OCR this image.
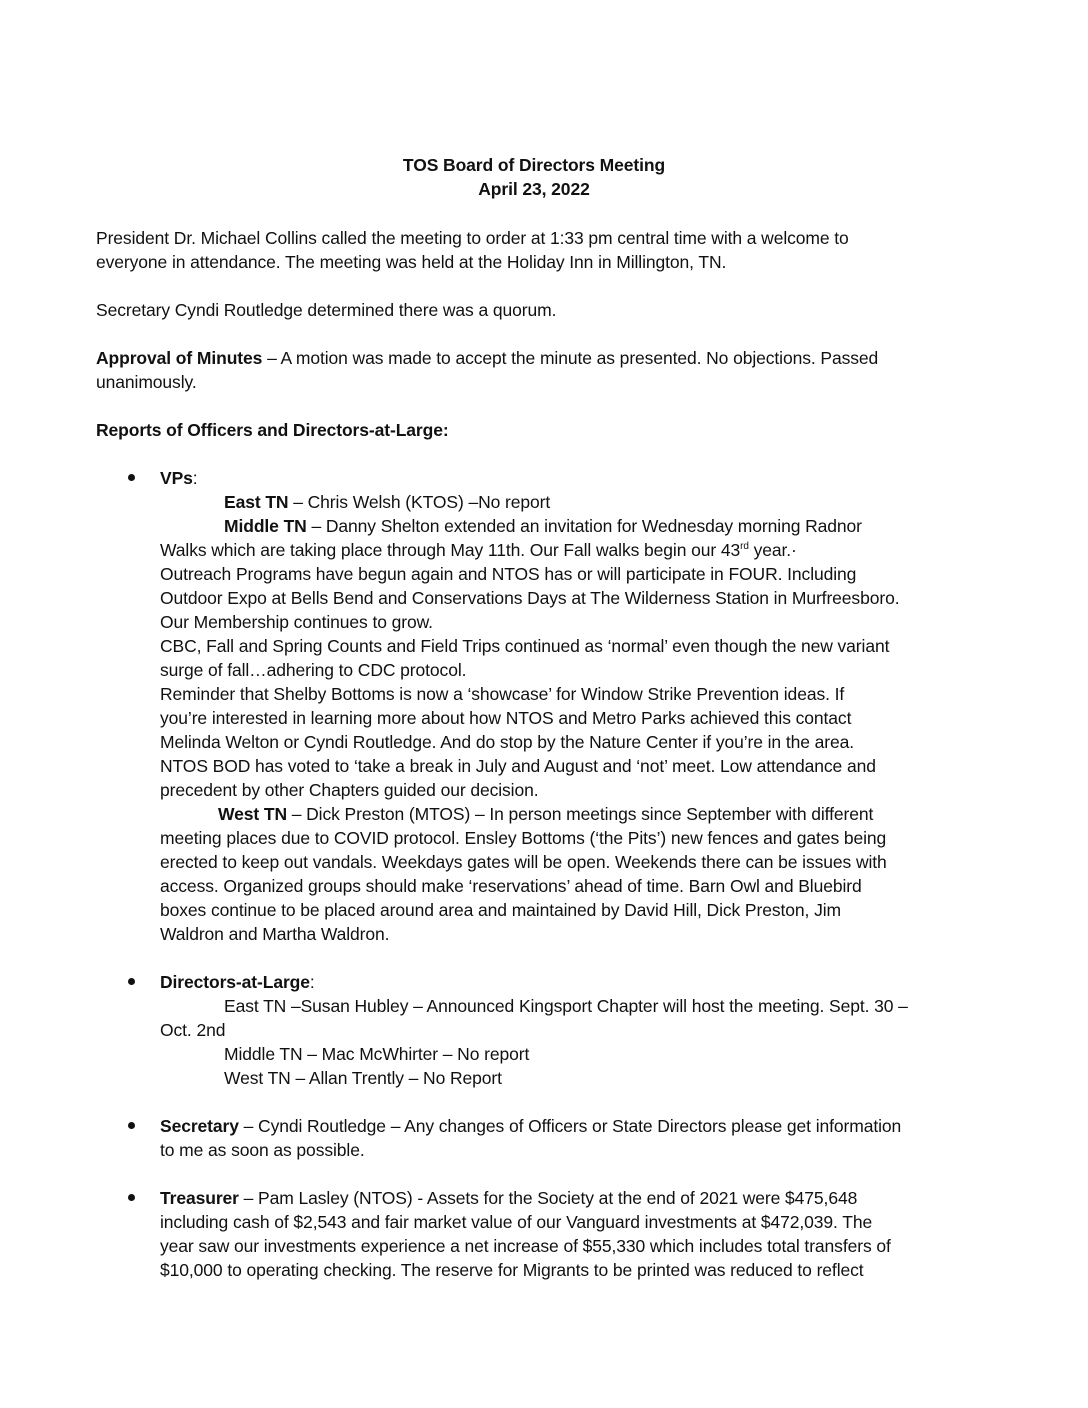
TOS Board of Directors Meeting
April 23, 2022
President Dr. Michael Collins called the meeting to order at 1:33 pm central time with a welcome to
everyone in attendance. The meeting was held at the Holiday Inn in Millington, TN.
Secretary Cyndi Routledge determined there was a quorum.
Approval of Minutes – A motion was made to accept the minute as presented. No objections. Passed
unanimously.
Reports of Officers and Directors-at-Large:
VPs:
East TN – Chris Welsh (KTOS) –No report
Middle TN – Danny Shelton extended an invitation for Wednesday morning Radnor
Walks which are taking place through May 11th. Our Fall walks begin our 43rd year.·
Outreach Programs have begun again and NTOS has or will participate in FOUR. Including
Outdoor Expo at Bells Bend and Conservations Days at The Wilderness Station in Murfreesboro.
Our Membership continues to grow.
CBC, Fall and Spring Counts and Field Trips continued as ‘normal’ even though the new variant
surge of fall…adhering to CDC protocol.
Reminder that Shelby Bottoms is now a ‘showcase’ for Window Strike Prevention ideas. If
you’re interested in learning more about how NTOS and Metro Parks achieved this contact
Melinda Welton or Cyndi Routledge. And do stop by the Nature Center if you’re in the area.
NTOS BOD has voted to ‘take a break in July and August and ‘not’ meet. Low attendance and
precedent by other Chapters guided our decision.
West TN – Dick Preston (MTOS) – In person meetings since September with different
meeting places due to COVID protocol. Ensley Bottoms (‘the Pits’) new fences and gates being
erected to keep out vandals. Weekdays gates will be open. Weekends there can be issues with
access. Organized groups should make ‘reservations’ ahead of time. Barn Owl and Bluebird
boxes continue to be placed around area and maintained by David Hill, Dick Preston, Jim
Waldron and Martha Waldron.
Directors-at-Large:
East TN –Susan Hubley – Announced Kingsport Chapter will host the meeting. Sept. 30 –
Oct. 2nd
Middle TN – Mac McWhirter – No report
West TN – Allan Trently – No Report
Secretary – Cyndi Routledge – Any changes of Officers or State Directors please get information
to me as soon as possible.
Treasurer – Pam Lasley (NTOS) - Assets for the Society at the end of 2021 were $475,648
including cash of $2,543 and fair market value of our Vanguard investments at $472,039. The
year saw our investments experience a net increase of $55,330 which includes total transfers of
$10,000 to operating checking. The reserve for Migrants to be printed was reduced to reflect
